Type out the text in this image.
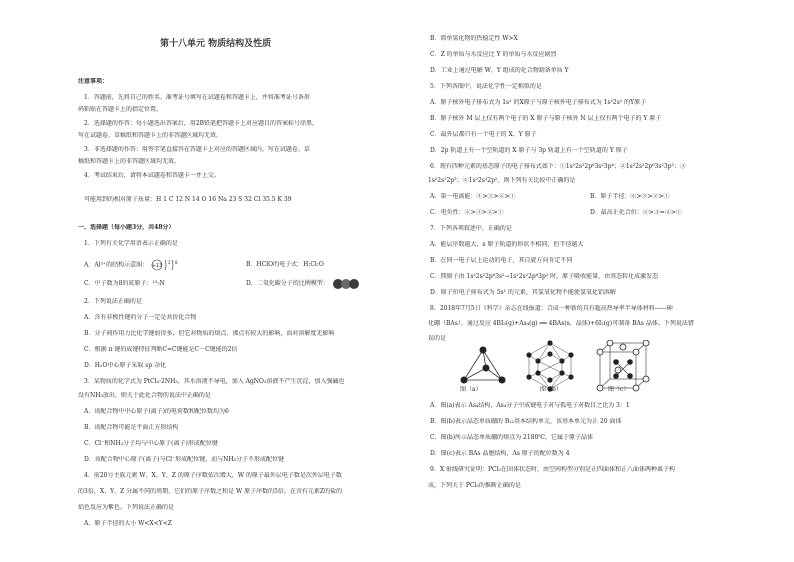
第十八单元 物质结构及性质
注意事项：
1．答题前，先将自己的姓名、准考证号填写在试题卷和答题卡上，并将准考证号条形
码粘贴在答题卡上的指定位置。
2．选择题的作答：每小题选出答案后，用2B铅笔把答题卡上对应题目的答案标号涂黑，
写在试题卷、草稿纸和答题卡上的非答题区域均无效。
3．非选择题的作答：用签字笔直接答在答题卡上对应的答题区域内。写在试题卷、草
稿纸和答题卡上的非答题区域均无效。
4．考试结束后，请将本试题卷和答题卡一并上交。
可能用到的相对原子质量：H 1 C 12 N 14 O 16 Na 23 S 32 Cl 35.5 K 39
一、选择题（每小题3分，共48分）
1．下列有关化学用语表示正确的是
A．Al³⁺的结构示意图： +13
2 8	B．HClO的电子式：H:Cl:O
C．中子数为8的氮原子：¹⁵₇N	D．二氧化碳分子的比例模型：
2．下列说法正确的是
A．含有非极性键的分子一定是共价化合物
B．分子间作用力比化学键弱得多，但它对物质的熔点、沸点有较大的影响，而对溶解度无影响
C．根据 π 键的成键特征判断C=C键能是C－C键能的2倍
D．H₂O中心原子采取 sp 杂化
3．某物质的化学式为 PtCl₄·2NH₃，其水溶液不导电，加入 AgNO₃溶液不产生沉淀，加入强碱也
没有NH₃放出，则关于此化合物的说法中正确的是
A．该配合物中中心原子(离子)的电荷数和配位数均为6
B．该配合物可能是平面正方形结构
C．Cl⁻和NH₃分子均与中心原子(离子)形成配位键
D．该配合物中心原子(离子)与Cl⁻形成配位键，而与NH₃分子不形成配位键
4．前20号主族元素 W、X、Y、Z 的原子序数依次增大，W 的原子最外层电子数是次外层电子数
的3倍，X、Y、Z 分属不同的周期，它们的原子序数之和是 W 原子序数的5倍。在含有元素Z的盐的
焰色反应为紫色。下列说法正确的是
A．原子半径的大小 W<X<Y<Z
B．简单氢化物的热稳定性 W>X
C．Z 的单质与水反应比 Y 的单质与水反应剧烈
D．工业上通过电解 W、Y 组成的化合物制备单质 Y
5．下列各图中，说法化学性一定相似的是
A．原子核外电子排布式为 1s² 的X原子与原子核外电子排布式为 1s²2s² 的Y原子
B．原子核外 M 层上仅有两个电子的 X 原子与原子核外 N 层上仅有两个电子的 Y 原子
C．最外层都只有一个电子的 X、Y 原子
D．2p 轨道上有一个空轨道的 X 原子与 3p 轨道上有一个空轨道的 Y 原子
6．现有四种元素的基态原子的电子排布式如下：①1s²2s²2p⁶3s²3p⁴；②1s²2s²2p⁶3s²3p³；③
1s²2s²2p³；④1s²2s²2p⁵。则下列有关比较中正确的是
A．第一电离能：④>③>②>①	B．原子半径：④>③>②>①
C．电负性：④>③>②>①	D．最高正化合价：④>③=②>①
7．下列各项叙述中，正确的是
A．能层序数越大，s 原子轨道的形状不相同，但半径越大
B．在同一电子层上运动的电子，其自旋方向肯定不同
C．镁原子由 1s²2s²2p⁶3s²→1s²2s²2p⁶3p² 时，原子吸收能量，由基态转化成激发态
D．原子价电子排布式为 5s¹ 的元素，其氢氧化物不能使氢氧化铝溶解
8．2018年7月5日《科学》杂志在线报道：合成一种新的具有超高热导率半导体材料——砷
化硼（BAs）。通过反应 4BI₃(g)+As₄(g) ══ 4BAs(s，晶体)+6I₂(g)可制备 BAs 晶体。下列说法错
误的是
图（a）	图（b）	图（c）
A．图(a)表示 As₄结构，As₄分子中成键电子对与孤电子对数目之比为 3：1
B．图(b)表示晶态单质硼的 B₁₂基本结构单元，该基本单元为正 20 面体
C．图(b)所示晶态单质硼的熔点为 2180℃，它属于原子晶体
D．图(c)表示 BAs 晶胞结构，As 原子的配位数为 4
9．X 射线研究证明：PCl₅在固体状态时，由空间构型分别是正四面体和正八面体两种离子构
成，下列关于 PCl₅的推断正确的是
